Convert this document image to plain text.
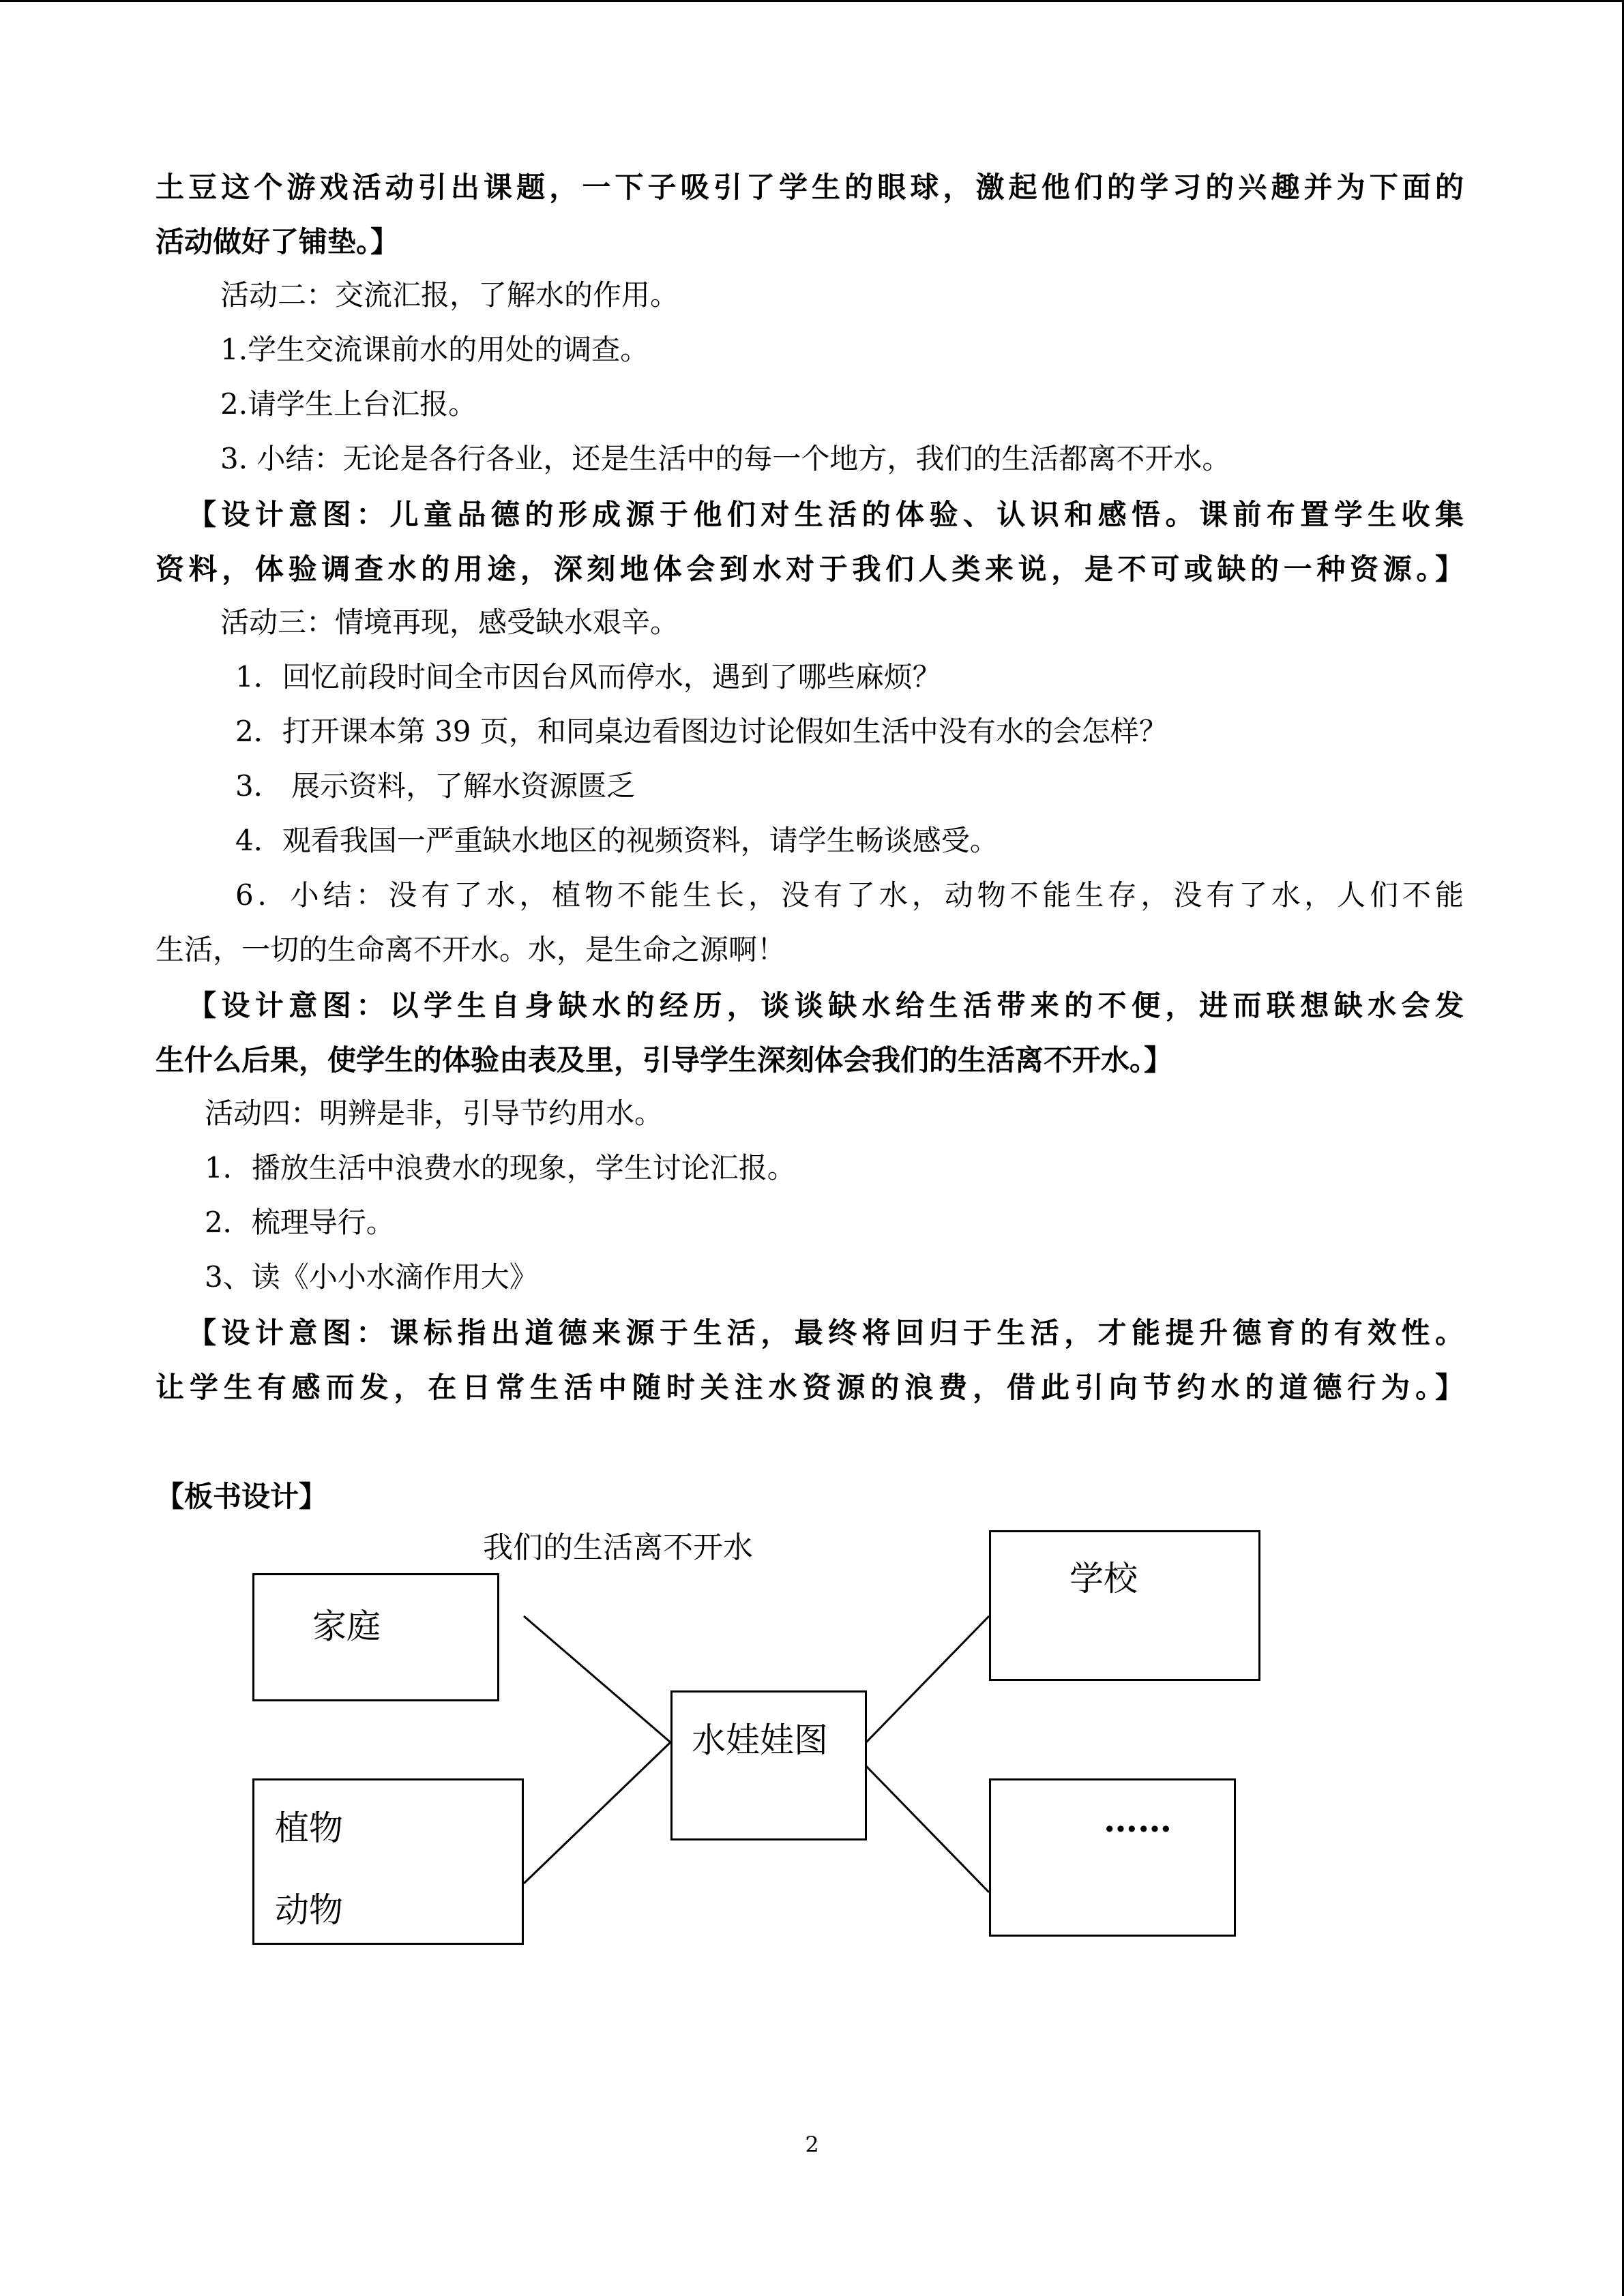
土豆这个游戏活动引出课题，一下子吸引了学生的眼球，激起他们的学习的兴趣并为下面的
活动做好了铺垫。】
活动二：交流汇报，了解水的作用。
1.学生交流课前水的用处的调查。
2.请学生上台汇报。
3. 小结：无论是各行各业，还是生活中的每一个地方，我们的生活都离不开水。
【设计意图：儿童品德的形成源于他们对生活的体验、认识和感悟。课前布置学生收集
资料，体验调查水的用途，深刻地体会到水对于我们人类来说，是不可或缺的一种资源。】
活动三：情境再现，感受缺水艰辛。
1．回忆前段时间全市因台风而停水，遇到了哪些麻烦？
2．打开课本第 39 页，和同桌边看图边讨论假如生活中没有水的会怎样？
3． 展示资料，了解水资源匮乏
4．观看我国一严重缺水地区的视频资料，请学生畅谈感受。
6．小结：没有了水，植物不能生长，没有了水，动物不能生存，没有了水，人们不能
生活，一切的生命离不开水。水，是生命之源啊！
【设计意图：以学生自身缺水的经历，谈谈缺水给生活带来的不便，进而联想缺水会发
生什么后果，使学生的体验由表及里，引导学生深刻体会我们的生活离不开水。】
活动四：明辨是非，引导节约用水。
1．播放生活中浪费水的现象，学生讨论汇报。
2．梳理导行。
3、读《小小水滴作用大》
【设计意图：课标指出道德来源于生活，最终将回归于生活，才能提升德育的有效性。
让学生有感而发，在日常生活中随时关注水资源的浪费，借此引向节约水的道德行为。】
【板书设计】
我们的生活离不开水
家庭
植物
动物
水娃娃图
学校
……
2
